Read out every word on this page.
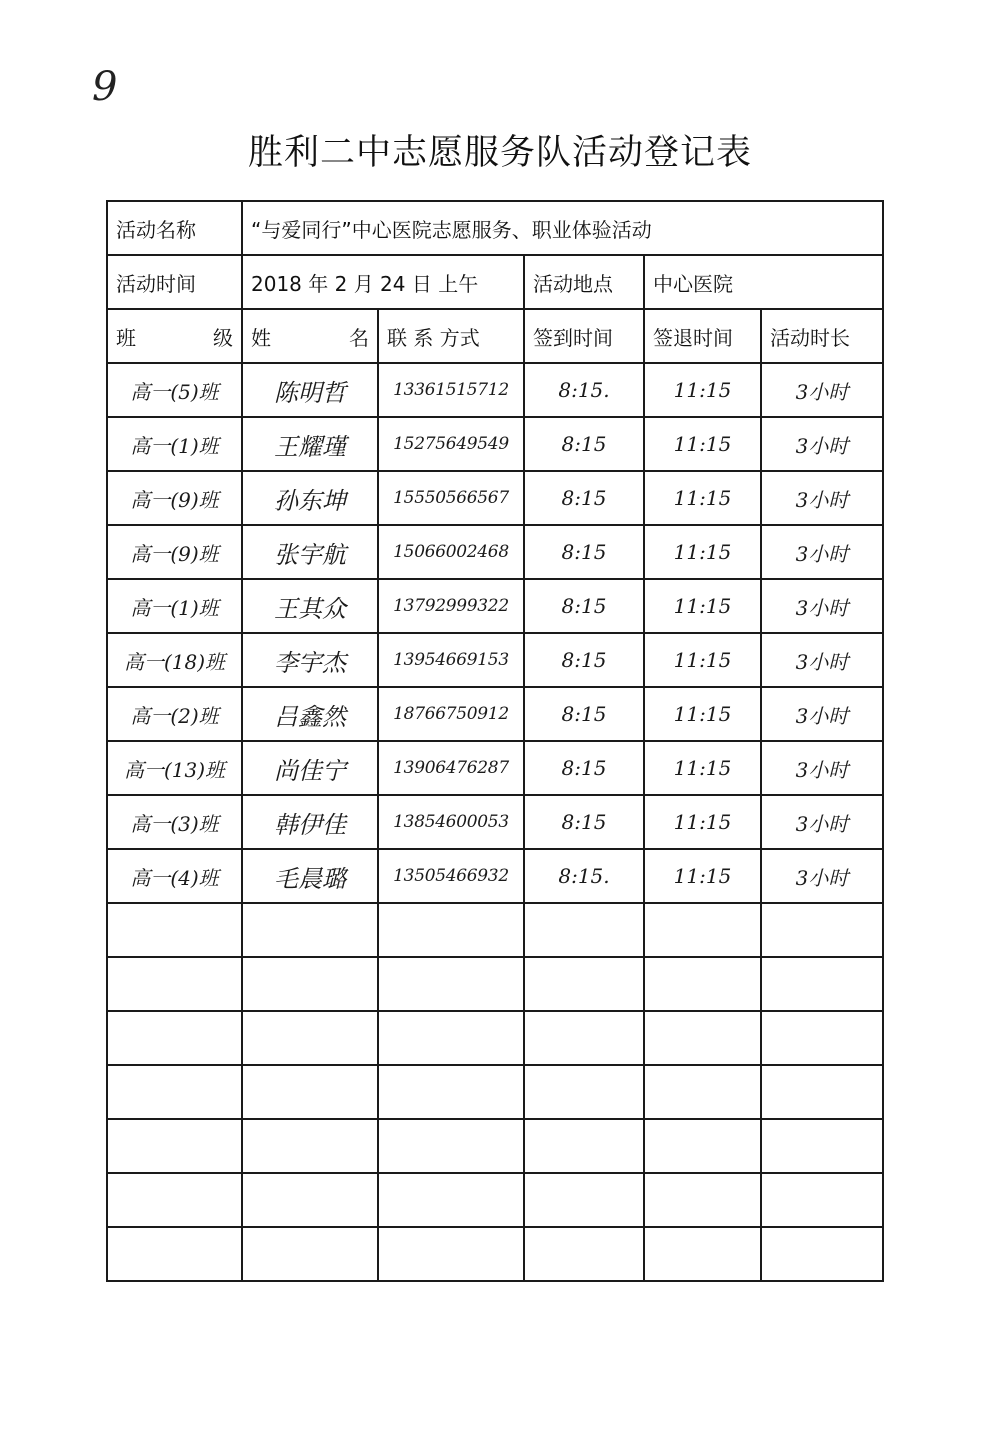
9
胜利二中志愿服务队活动登记表
活动名称	“与爱同行”中心医院志愿服务、职业体验活动				
活动时间	2018 年 2 月 24 日 上午		活动地点	中心医院	

班 级	姓 名	联 系 方式	签到时间	签退时间	活动时长
高一(5)班	陈明哲	13361515712	8:15.	11:15	3小时
高一(1)班	王耀瑾	15275649549	8:15	11:15	3小时
高一(9)班	孙东坤	15550566567	8:15	11:15	3小时
高一(9)班	张宇航	15066002468	8:15	11:15	3小时
高一(1)班	王其众	13792999322	8:15	11:15	3小时
高一(18)班	李宇杰	13954669153	8:15	11:15	3小时
高一(2)班	吕鑫然	18766750912	8:15	11:15	3小时
高一(13)班	尚佳宁	13906476287	8:15	11:15	3小时
高一(3)班	韩伊佳	13854600053	8:15	11:15	3小时
高一(4)班	毛晨璐	13505466932	8:15.	11:15	3小时
